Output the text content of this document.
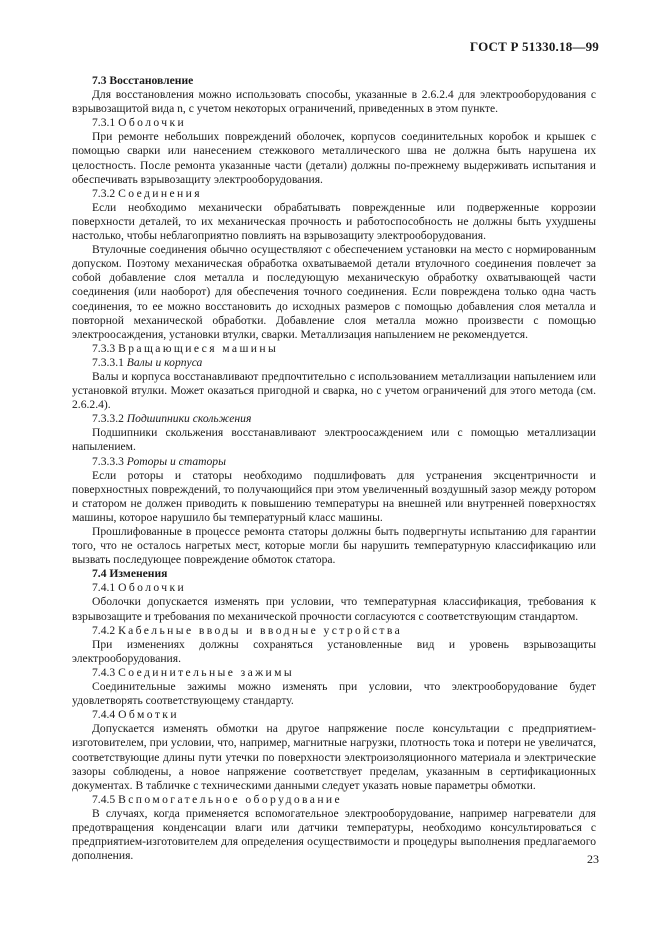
ГОСТ Р 51330.18—99
7.3 Восстановление

Для восстановления можно использовать способы, указанные в 2.6.2.4 для электрооборудования с взрывозащитой вида n, с учетом некоторых ограничений, приведенных в этом пункте.

7.3.1 Оболочки

При ремонте небольших повреждений оболочек, корпусов соединительных коробок и крышек с помощью сварки или нанесением стежкового металлического шва не должна быть нарушена их целостность. После ремонта указанные части (детали) должны по-прежнему выдерживать испытания и обеспечивать взрывозащиту электрооборудования.

7.3.2 Соединения

Если необходимо механически обрабатывать поврежденные или подверженные коррозии поверхности деталей, то их механическая прочность и работоспособность не должны быть ухудшены настолько, чтобы неблагоприятно повлиять на взрывозащиту электрооборудования.

Втулочные соединения обычно осуществляют с обеспечением установки на место с нормированным допуском. Поэтому механическая обработка охватываемой детали втулочного соединения повлечет за собой добавление слоя металла и последующую механическую обработку охватывающей части соединения (или наоборот) для обеспечения точного соединения. Если повреждена только одна часть соединения, то ее можно восстановить до исходных размеров с помощью добавления слоя металла и повторной механической обработки. Добавление слоя металла можно произвести с помощью электроосаждения, установки втулки, сварки. Металлизация напылением не рекомендуется.

7.3.3 Вращающиеся машины
7.3.3.1 Валы и корпуса

Валы и корпуса восстанавливают предпочтительно с использованием металлизации напылением или установкой втулки. Может оказаться пригодной и сварка, но с учетом ограничений для этого метода (см. 2.6.2.4).

7.3.3.2 Подшипники скольжения

Подшипники скольжения восстанавливают электроосаждением или с помощью металлизации напылением.

7.3.3.3 Роторы и статоры

Если роторы и статоры необходимо подшлифовать для устранения эксцентричности и поверхностных повреждений, то получающийся при этом увеличенный воздушный зазор между ротором и статором не должен приводить к повышению температуры на внешней или внутренней поверхностях машины, которое нарушило бы температурный класс машины.

Прошлифованные в процессе ремонта статоры должны быть подвергнуты испытанию для гарантии того, что не осталось нагретых мест, которые могли бы нарушить температурную классификацию или вызвать последующее повреждение обмоток статора.

7.4 Изменения
7.4.1 Оболочки

Оболочки допускается изменять при условии, что температурная классификация, требования к взрывозащите и требования по механической прочности согласуются с соответствующим стандартом.

7.4.2 Кабельные вводы и вводные устройства

При изменениях должны сохраняться установленные вид и уровень взрывозащиты электрооборудования.

7.4.3 Соединительные зажимы

Соединительные зажимы можно изменять при условии, что электрооборудование будет удовлетворять соответствующему стандарту.

7.4.4 Обмотки

Допускается изменять обмотки на другое напряжение после консультации с предприятием-изготовителем, при условии, что, например, магнитные нагрузки, плотность тока и потери не увеличатся, соответствующие длины пути утечки по поверхности электроизоляционного материала и электрические зазоры соблюдены, а новое напряжение соответствует пределам, указанным в сертификационных документах. В табличке с техническими данными следует указать новые параметры обмотки.

7.4.5 Вспомогательное оборудование

В случаях, когда применяется вспомогательное электрооборудование, например нагреватели для предотвращения конденсации влаги или датчики температуры, необходимо консультироваться с предприятием-изготовителем для определения осуществимости и процедуры выполнения предлагаемого дополнения.	23
